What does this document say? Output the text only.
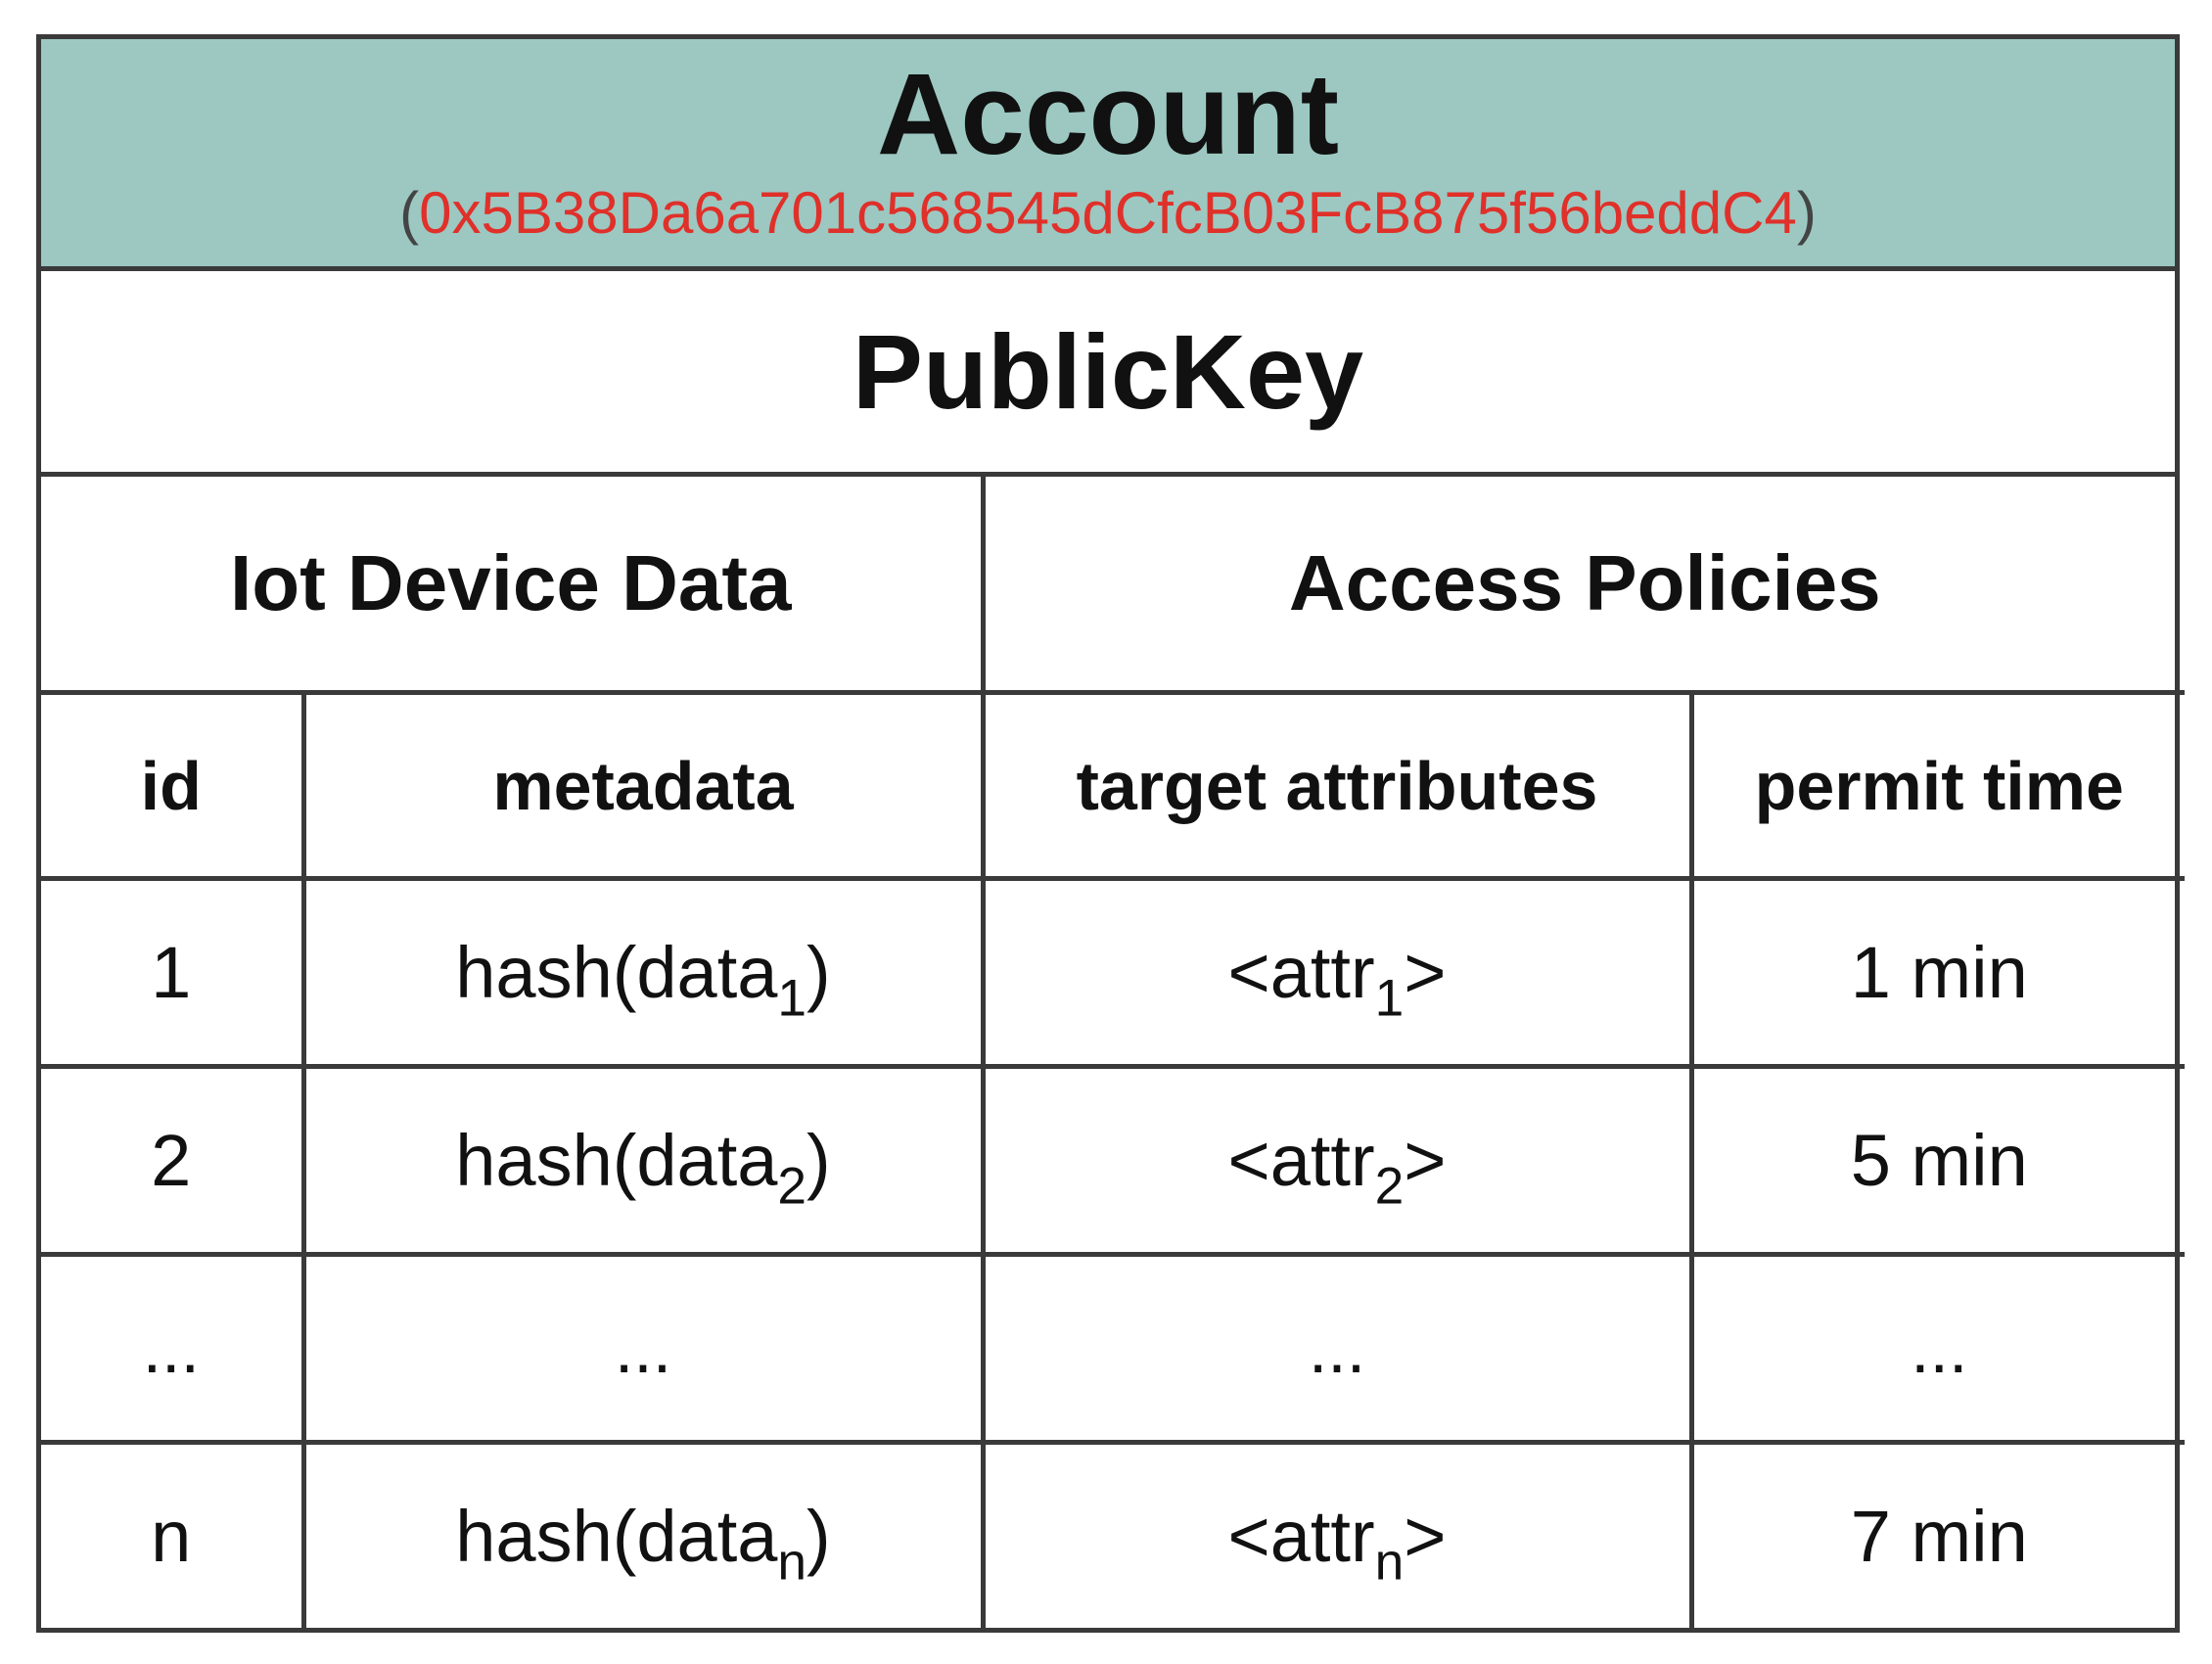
Account
(0x5B38Da6a701c568545dCfcB03FcB875f56beddC4)
PublicKey
Iot Device Data		Access Policies	
id	metadata	target attributes	permit time
1	hash(data$_1$)	<attr$_1$>	1 min
2	hash(data$_2$)	<attr$_2$>	5 min
...	...	...	...
n	hash(data$_n$)	<attr$_n$>	7 min
